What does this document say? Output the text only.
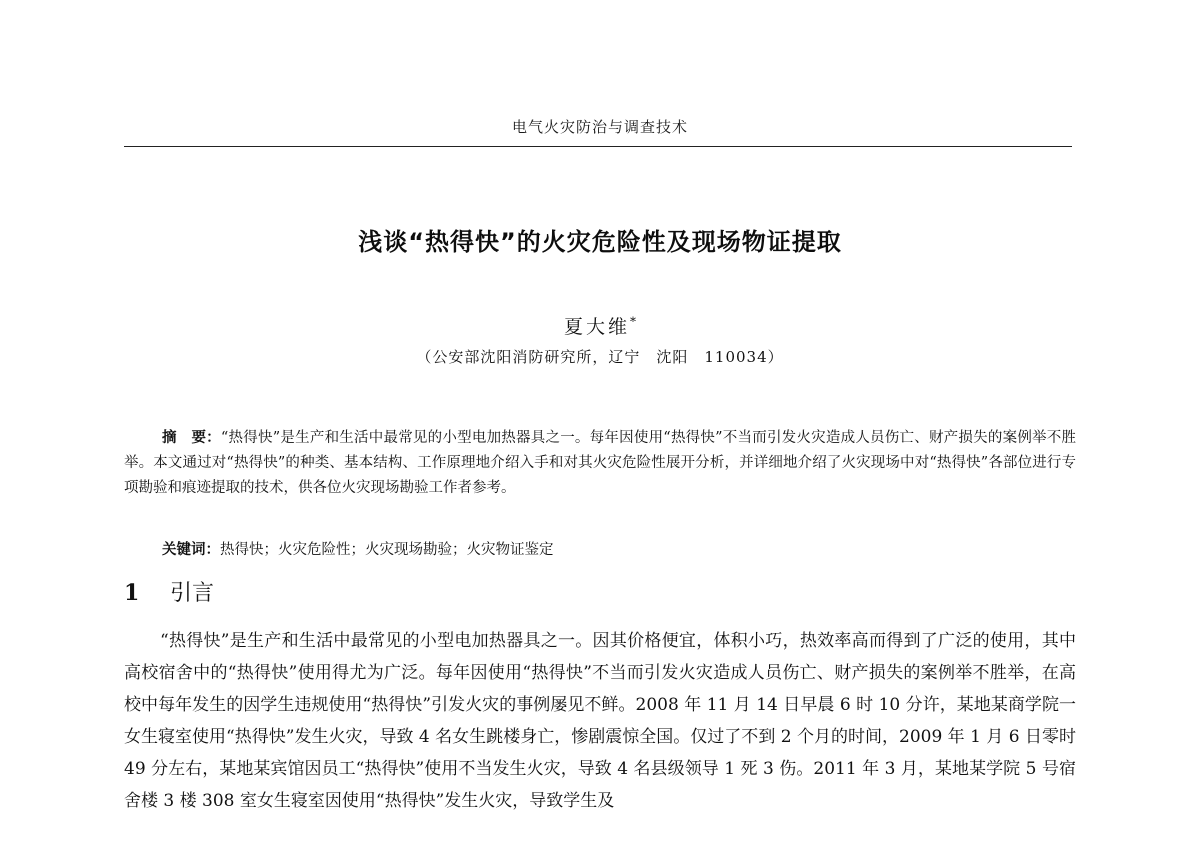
电气火灾防治与调查技术
浅谈“热得快”的火灾危险性及现场物证提取
夏大维*
（公安部沈阳消防研究所，辽宁　沈阳　110034）

摘　要：“热得快”是生产和生活中最常见的小型电加热器具之一。每年因使用“热得快”不当而引发火灾造成人员伤亡、财产损失的案例举不胜举。本文通过对“热得快”的种类、基本结构、工作原理地介绍入手和对其火灾危险性展开分析，并详细地介绍了火灾现场中对“热得快”各部位进行专项勘验和痕迹提取的技术，供各位火灾现场勘验工作者参考。

关键词：热得快；火灾危险性；火灾现场勘验；火灾物证鉴定

1 引言

“热得快”是生产和生活中最常见的小型电加热器具之一。因其价格便宜，体积小巧，热效率高而得到了广泛的使用，其中高校宿舍中的“热得快”使用得尤为广泛。每年因使用“热得快”不当而引发火灾造成人员伤亡、财产损失的案例举不胜举，在高校中每年发生的因学生违规使用“热得快”引发火灾的事例屡见不鲜。2008 年 11 月 14 日早晨 6 时 10 分许，某地某商学院一女生寝室使用“热得快”发生火灾，导致 4 名女生跳楼身亡，惨剧震惊全国。仅过了不到 2 个月的时间，2009 年 1 月 6 日零时 49 分左右，某地某宾馆因员工“热得快”使用不当发生火灾，导致 4 名县级领导 1 死 3 伤。2011 年 3 月，某地某学院 5 号宿舍楼 3 楼 308 室女生寝室因使用“热得快”发生火灾，导致学生及
